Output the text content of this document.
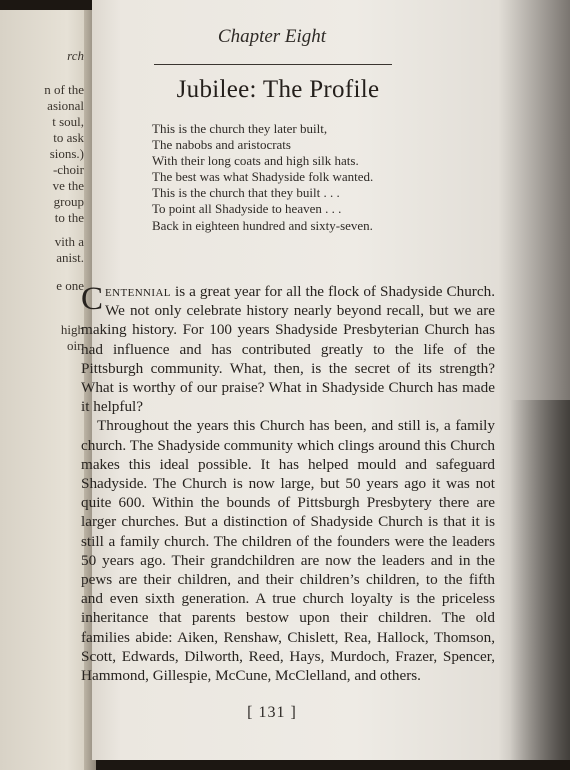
rch
n of the
asional
t soul,
to ask
sions.)
-choir
ve the
group
to the
vith a
anist.
e one
high
oir.
Chapter Eight
Jubilee: The Profile
This is the church they later built,
The nabobs and aristocrats
With their long coats and high silk hats.
The best was what Shadyside folk wanted.
This is the church that they built . . .
To point all Shadyside to heaven . . .
Back in eighteen hundred and sixty-seven.

Centennial is a great year for all the flock of Shadyside Church. We not only celebrate history nearly beyond recall, but we are making history. For 100 years Shadyside Presbyterian Church has had influence and has contributed greatly to the life of the Pittsburgh community. What, then, is the secret of its strength? What is worthy of our praise? What in Shadyside Church has made it helpful?

Throughout the years this Church has been, and still is, a family church. The Shadyside community which clings around this Church makes this ideal possible. It has helped mould and safeguard Shadyside. The Church is now large, but 50 years ago it was not quite 600. Within the bounds of Pittsburgh Presbytery there are larger churches. But a distinction of Shadyside Church is that it is still a family church. The children of the founders were the leaders 50 years ago. Their grandchildren are now the leaders and in the pews are their children, and their children’s children, to the fifth and even sixth generation. A true church loyalty is the priceless inheritance that parents bestow upon their children. The old families abide: Aiken, Renshaw, Chislett, Rea, Hallock, Thomson, Scott, Edwards, Dilworth, Reed, Hays, Murdoch, Frazer, Spencer, Hammond, Gillespie, McCune, McClelland, and others.

[ 131 ]
